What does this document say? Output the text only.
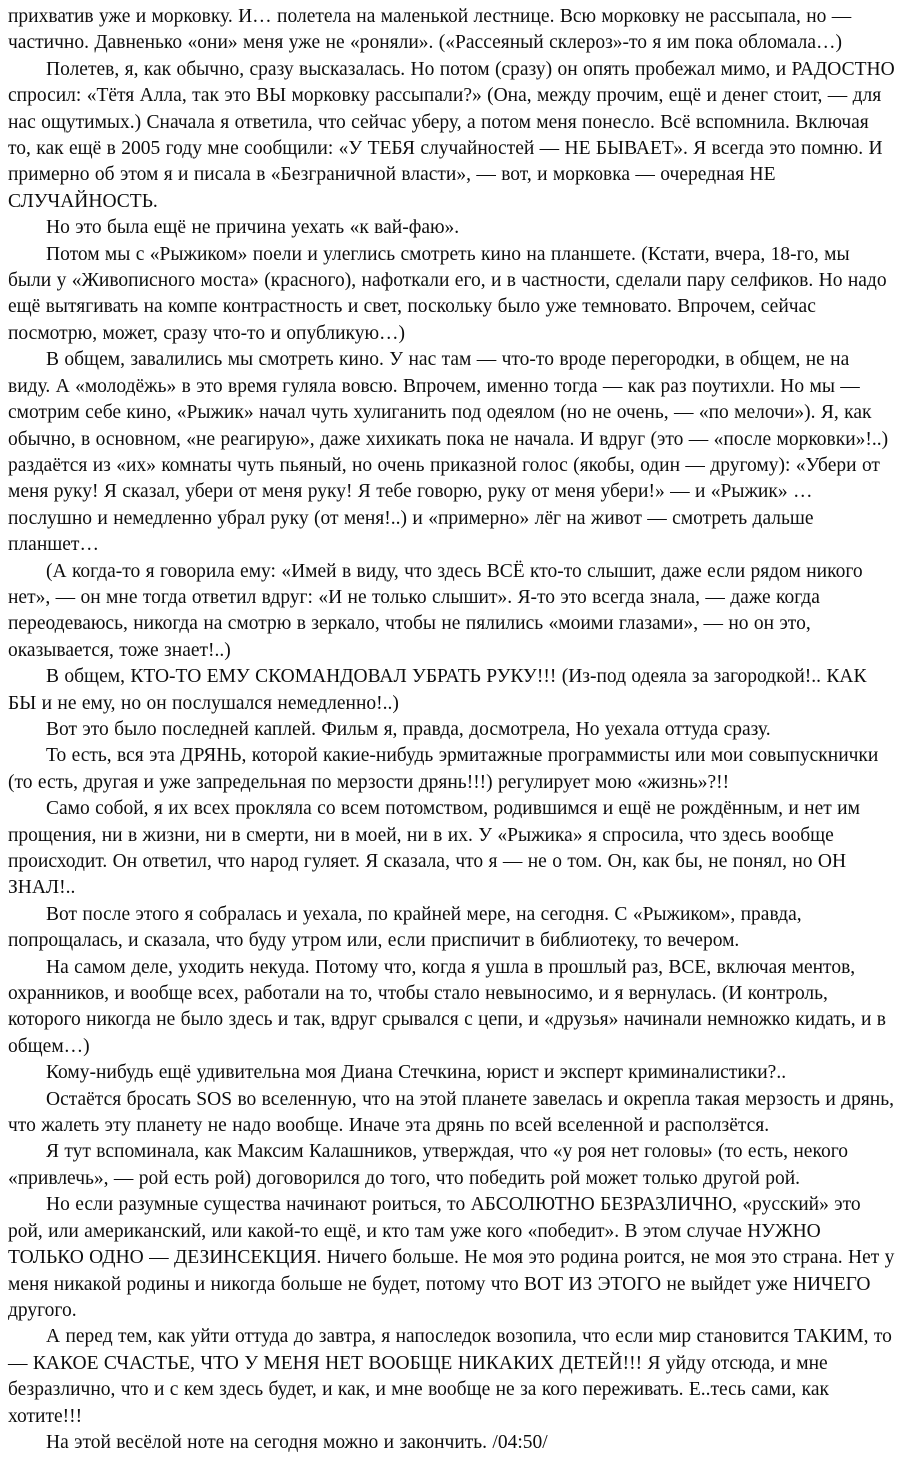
прихватив уже и морковку. И… полетела на маленькой лестнице. Всю морковку не рассыпала, но — частично. Давненько «они» меня уже не «роняли». («Рассеяный склероз»-то я им пока обломала…)

Полетев, я, как обычно, сразу высказалась. Но потом (сразу) он опять пробежал мимо, и РАДОСТНО спросил: «Тётя Алла, так это ВЫ морковку рассыпали?» (Она, между прочим, ещё и денег стоит, — для нас ощутимых.) Сначала я ответила, что сейчас уберу, а потом меня понесло. Всё вспомнила. Включая то, как ещё в 2005 году мне сообщили: «У ТЕБЯ случайностей — НЕ БЫВАЕТ». Я всегда это помню. И примерно об этом я и писала в «Безграничной власти», — вот, и морковка — очередная НЕ СЛУЧАЙНОСТЬ.

Но это была ещё не причина уехать «к вай-фаю».

Потом мы с «Рыжиком» поели и улеглись смотреть кино на планшете. (Кстати, вчера, 18-го, мы были у «Живописного моста» (красного), нафоткали его, и в частности, сделали пару селфиков. Но надо ещё вытягивать на компе контрастность и свет, поскольку было уже темновато. Впрочем, сейчас посмотрю, может, сразу что-то и опубликую…)

В общем, завалились мы смотреть кино. У нас там — что-то вроде перегородки, в общем, не на виду. А «молодёжь» в это время гуляла вовсю. Впрочем, именно тогда — как раз поутихли. Но мы — смотрим себе кино, «Рыжик» начал чуть хулиганить под одеялом (но не очень, — «по мелочи»). Я, как обычно, в основном, «не реагирую», даже хихикать пока не начала. И вдруг (это — «после морковки»!..) раздаётся из «их» комнаты чуть пьяный, но очень приказной голос (якобы, один — другому): «Убери от меня руку! Я сказал, убери от меня руку! Я тебе говорю, руку от меня убери!» — и «Рыжик» … послушно и немедленно убрал руку (от меня!..) и «примерно» лёг на живот — смотреть дальше планшет…

(А когда-то я говорила ему: «Имей в виду, что здесь ВСЁ кто-то слышит, даже если рядом никого нет», — он мне тогда ответил вдруг: «И не только слышит». Я-то это всегда знала, — даже когда переодеваюсь, никогда на смотрю в зеркало, чтобы не пялились «моими глазами», — но он это, оказывается, тоже знает!..)

В общем, КТО-ТО ЕМУ СКОМАНДОВАЛ УБРАТЬ РУКУ!!! (Из-под одеяла за загородкой!.. КАК БЫ и не ему, но он послушался немедленно!..)

Вот это было последней каплей. Фильм я, правда, досмотрела, Но уехала оттуда сразу.

То есть, вся эта ДРЯНЬ, которой какие-нибудь эрмитажные программисты или мои совыпускнички (то есть, другая и уже запредельная по мерзости дрянь!!!) регулирует мою «жизнь»?!!

Само собой, я их всех прокляла со всем потомством, родившимся и ещё не рождённым, и нет им прощения, ни в жизни, ни в смерти, ни в моей, ни в их. У «Рыжика» я спросила, что здесь вообще происходит. Он ответил, что народ гуляет. Я сказала, что я — не о том. Он, как бы, не понял, но ОН ЗНАЛ!..

Вот после этого я собралась и уехала, по крайней мере, на сегодня. С «Рыжиком», правда, попрощалась, и сказала, что буду утром или, если приспичит в библиотеку, то вечером.

На самом деле, уходить некуда. Потому что, когда я ушла в прошлый раз, ВСЕ, включая ментов, охранников, и вообще всех, работали на то, чтобы стало невыносимо, и я вернулась. (И контроль, которого никогда не было здесь и так, вдруг срывался с цепи, и «друзья» начинали немножко кидать, и в общем…)

Кому-нибудь ещё удивительна моя Диана Стечкина, юрист и эксперт криминалистики?..

Остаётся бросать SOS во вселенную, что на этой планете завелась и окрепла такая мерзость и дрянь, что жалеть эту планету не надо вообще. Иначе эта дрянь по всей вселенной и расползётся.

Я тут вспоминала, как Максим Калашников, утверждая, что «у роя нет головы» (то есть, некого «привлечь», — рой есть рой) договорился до того, что победить рой может только другой рой.

Но если разумные существа начинают роиться, то АБСОЛЮТНО БЕЗРАЗЛИЧНО, «русский» это рой, или американский, или какой-то ещё, и кто там уже кого «победит». В этом случае НУЖНО ТОЛЬКО ОДНО — ДЕЗИНСЕКЦИЯ. Ничего больше. Не моя это родина роится, не моя это страна. Нет у меня никакой родины и никогда больше не будет, потому что ВОТ ИЗ ЭТОГО не выйдет уже НИЧЕГО другого.

А перед тем, как уйти оттуда до завтра, я напоследок возопила, что если мир становится ТАКИМ, то — КАКОЕ СЧАСТЬЕ, ЧТО У МЕНЯ НЕТ ВООБЩЕ НИКАКИХ ДЕТЕЙ!!! Я уйду отсюда, и мне безразлично, что и с кем здесь будет, и как, и мне вообще не за кого переживать. Е..тесь сами, как хотите!!!

На этой весёлой ноте на сегодня можно и закончить. /04:50/
